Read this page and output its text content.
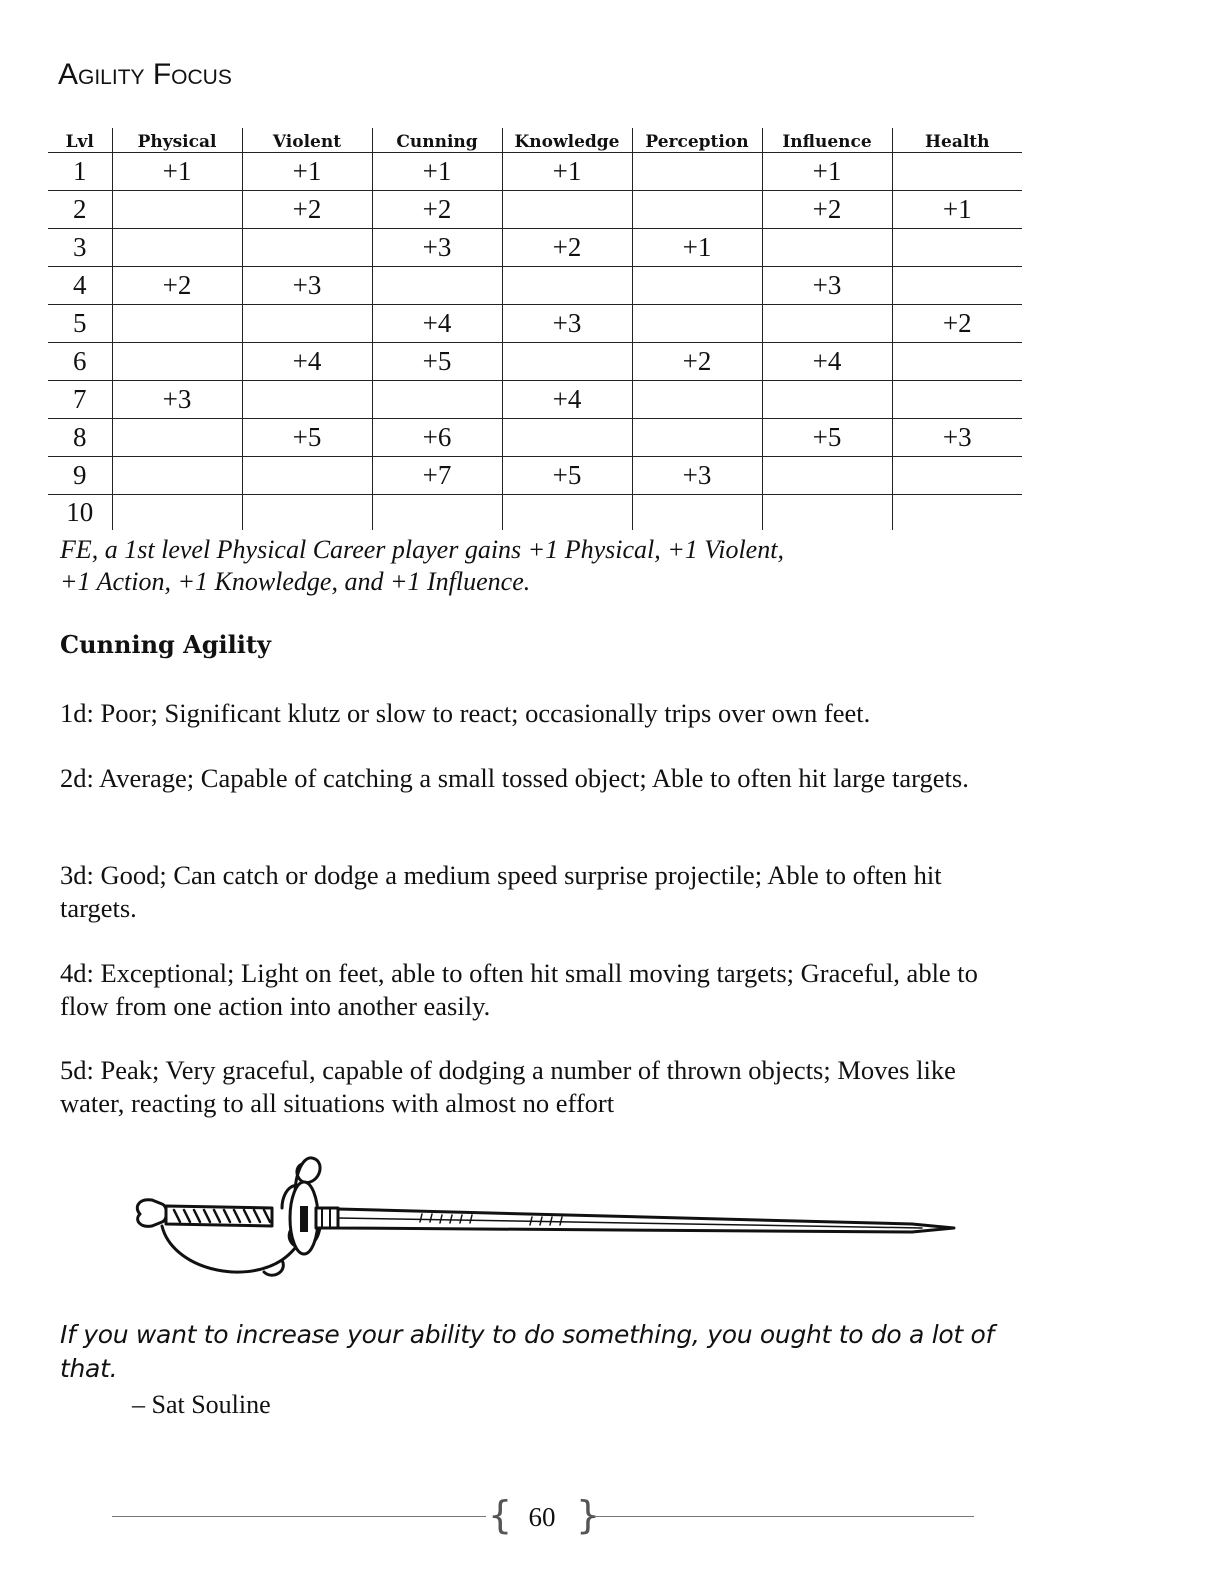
Agility Focus
Lvl	Physical	Violent	Cunning	Knowledge	Perception	Influence	Health
1	+1	+1	+1	+1		+1	
2		+2	+2			+2	+1
3			+3	+2	+1		
4	+2	+3				+3	
5			+4	+3			+2
6		+4	+5		+2	+4	
7	+3			+4			
8		+5	+6			+5	+3
9			+7	+5	+3		
10							
FE, a 1st level Physical Career player gains +1 Physical, +1 Violent,
+1 Action, +1 Knowledge, and +1 Influence.
Cunning Agility

1d: Poor; Significant klutz or slow to react; occasionally trips over own feet.

2d: Average; Capable of catching a small tossed object; Able to often hit large targets.

3d: Good; Can catch or dodge a medium speed surprise projectile; Able to often hit targets.

4d: Exceptional; Light on feet, able to often hit small moving targets; Graceful, able to flow from one action into another easily.

5d: Peak; Very graceful, capable of dodging a number of thrown objects; Moves like water, reacting to all situations with almost no effort

If you want to increase your ability to do something, you ought to do a lot of that.
– Sat Souline
{ 60 }
